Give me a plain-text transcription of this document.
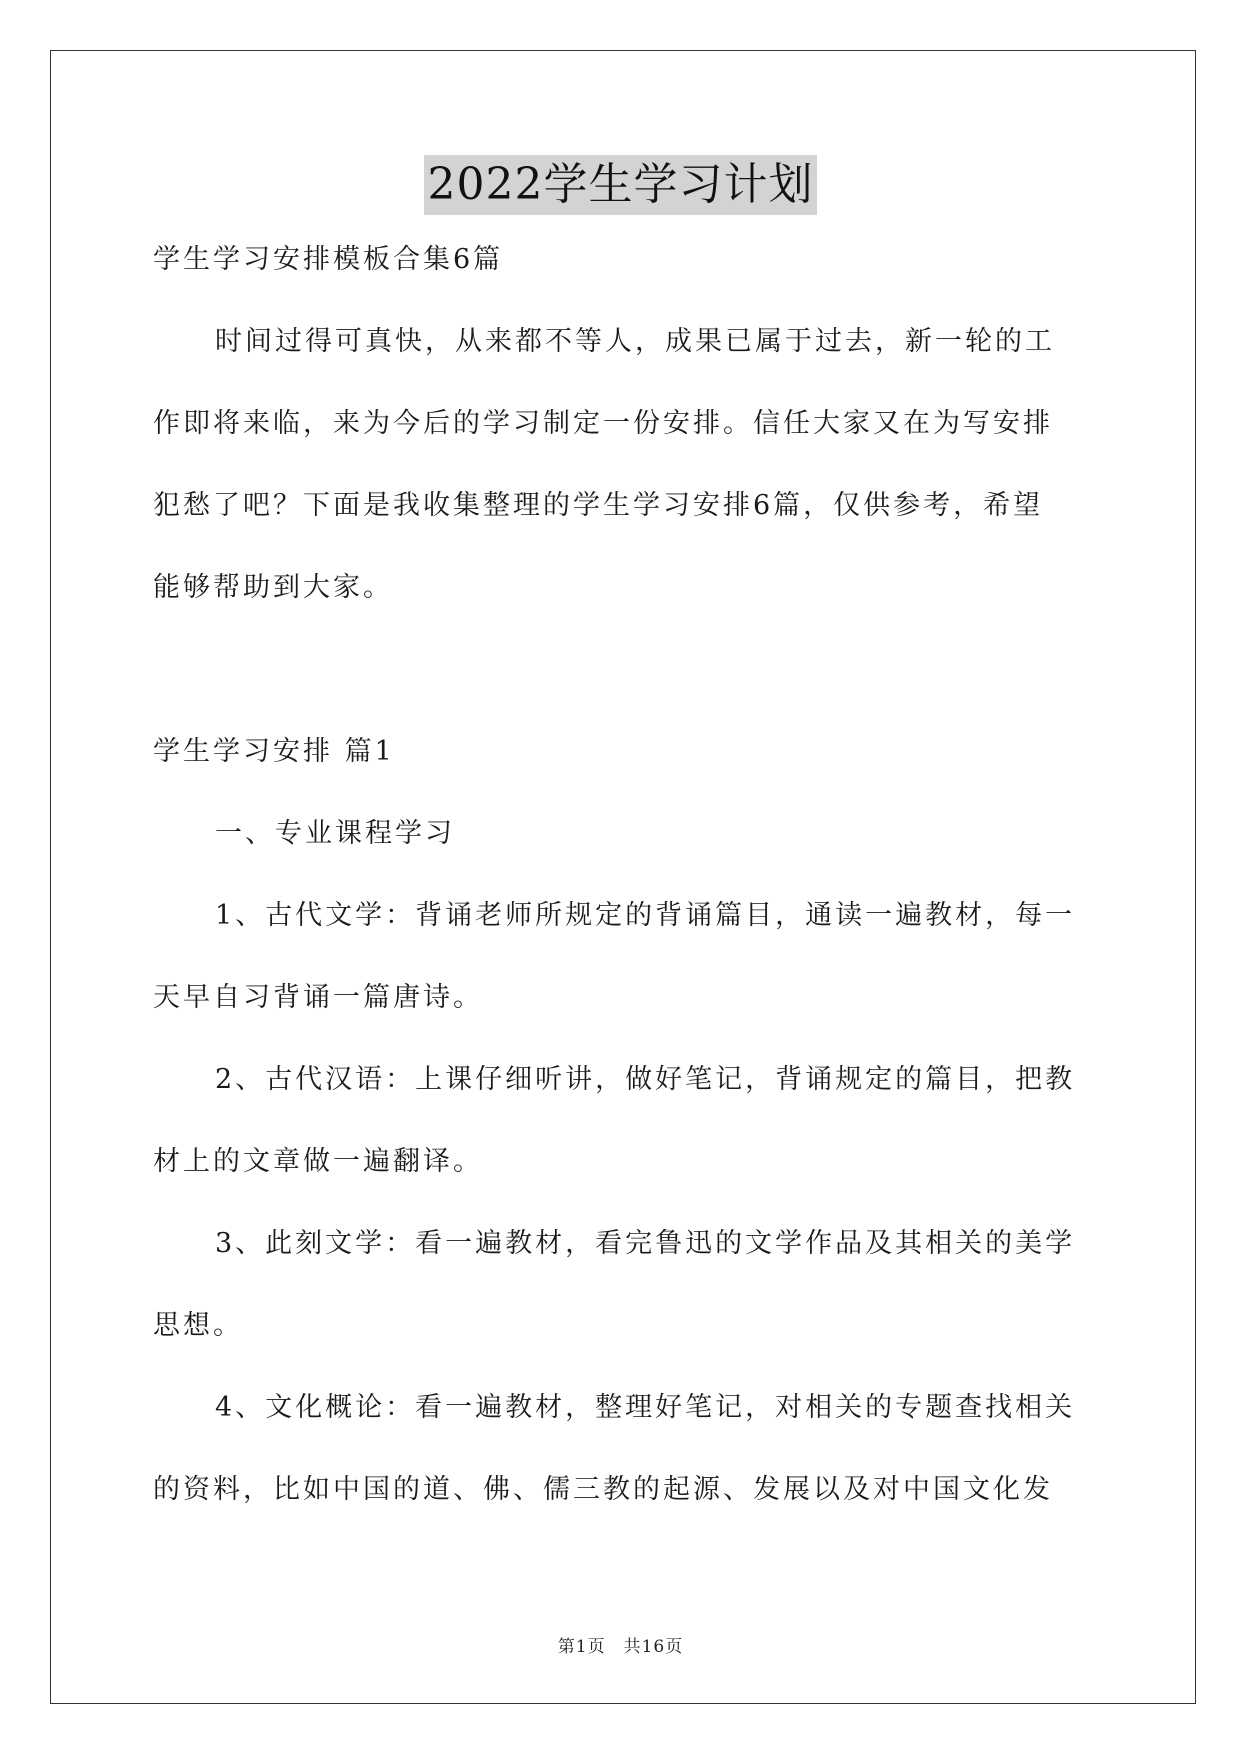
2022学生学习计划
学生学习安排模板合集6篇
时间过得可真快，从来都不等人，成果已属于过去，新一轮的工
作即将来临，来为今后的学习制定一份安排。信任大家又在为写安排
犯愁了吧？下面是我收集整理的学生学习安排6篇，仅供参考，希望
能够帮助到大家。
学生学习安排 篇1
一、专业课程学习
1、古代文学：背诵老师所规定的背诵篇目，通读一遍教材，每一
天早自习背诵一篇唐诗。
2、古代汉语：上课仔细听讲，做好笔记，背诵规定的篇目，把教
材上的文章做一遍翻译。
3、此刻文学：看一遍教材，看完鲁迅的文学作品及其相关的美学
思想。
4、文化概论：看一遍教材，整理好笔记，对相关的专题查找相关
的资料，比如中国的道、佛、儒三教的起源、发展以及对中国文化发
第1页　共16页
